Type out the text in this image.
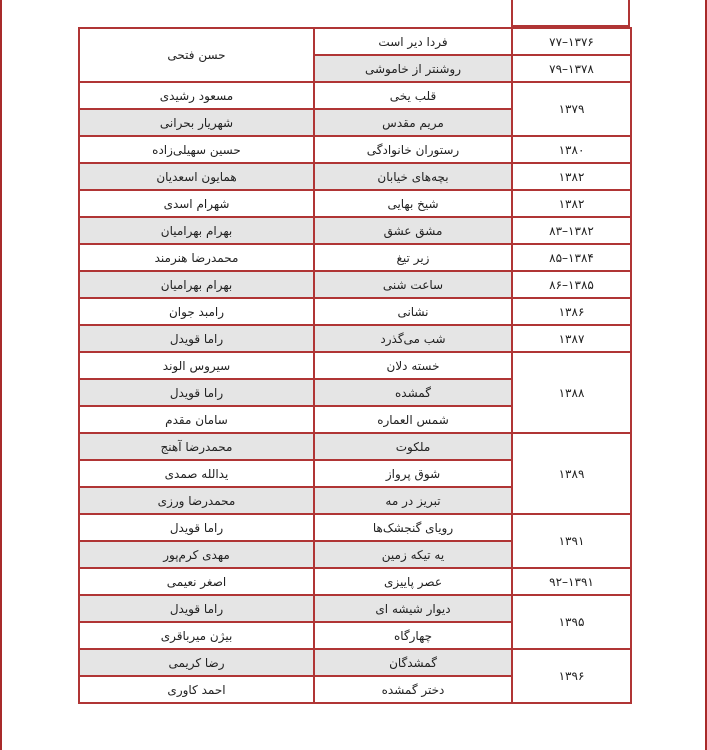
۱۳۷۶–۷۷	فردا دیر است	حسن فتحی
۱۳۷۸–۷۹	روشنتر از خاموشی	
۱۳۷۹	قلب یخی	مسعود رشیدی
	مریم مقدس	شهریار بحرانی
۱۳۸۰	رستوران خانوادگی	حسین سهیلی‌زاده
۱۳۸۲	بچه‌های خیابان	همایون اسعدیان
۱۳۸۲	شیخ بهایی	شهرام اسدی
۱۳۸۲–۸۳	مشق عشق	بهرام بهرامیان
۱۳۸۴–۸۵	زیر تیغ	محمدرضا هنرمند
۱۳۸۵–۸۶	ساعت شنی	بهرام بهرامیان
۱۳۸۶	نشانی	رامبد جوان
۱۳۸۷	شب می‌گذرد	راما قویدل
۱۳۸۸	خسته دلان	سیروس الوند
	گمشده	راما قویدل
	شمس العماره	سامان مقدم
۱۳۸۹	ملکوت	محمدرضا آهنج
	شوق پرواز	یدالله صمدی
	تبریز در مه	محمدرضا ورزی
۱۳۹۱	رویای گنجشک‌ها	راما قویدل
	یه تیکه زمین	مهدی کرم‌پور
۱۳۹۱–۹۲	عصر پاییزی	اصغر نعیمی
۱۳۹۵	دیوار شیشه ای	راما قویدل
	چهارگاه	بیژن میرباقری
۱۳۹۶	گمشدگان	رضا کریمی
	دختر گمشده	احمد کاوری
